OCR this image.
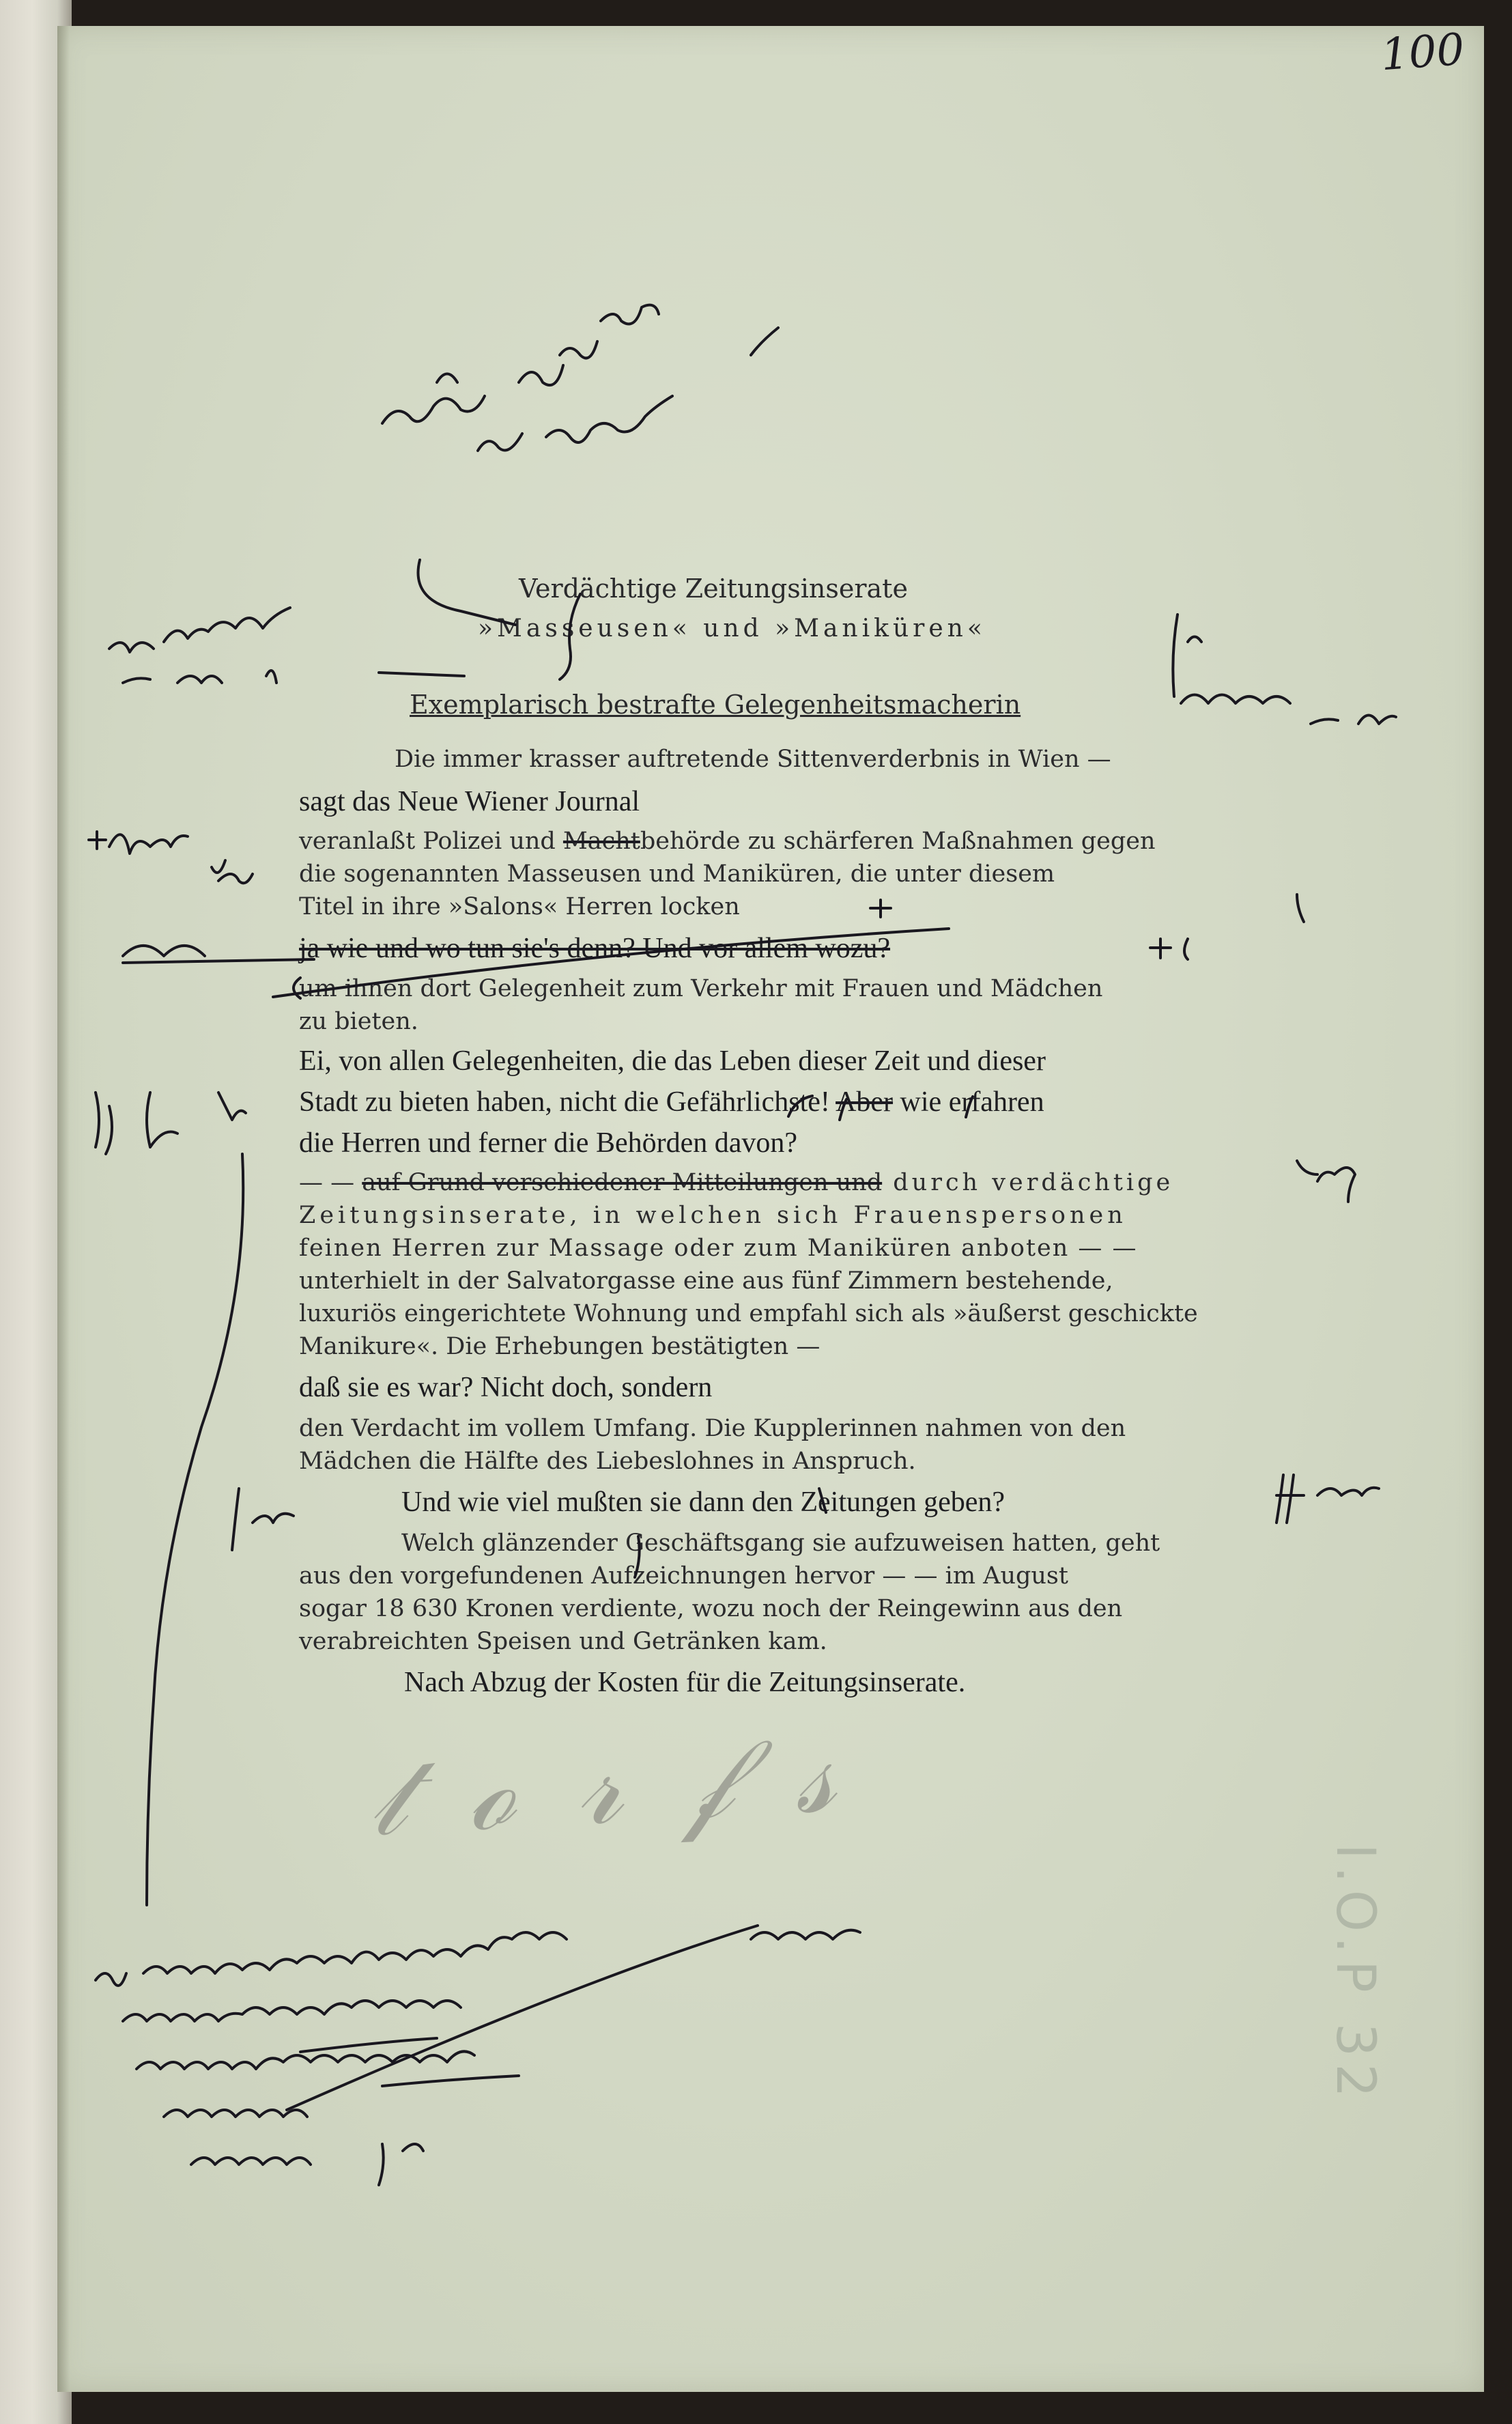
100
Verdächtige Zeitungsinserate
»Masseusen« und »Maniküren«
Exemplarisch bestrafte Gelegenheitsmacherin
Die immer krasser auftretende Sittenverderbnis in Wien —
sagt das Neue Wiener Journal
veranlaßt Polizei und Machtbehörde zu schärferen Maßnahmen gegen
die sogenannten Masseusen und Maniküren, die unter diesem
Titel in ihre »Salons« Herren locken
ja wie und wo tun sie's denn? Und vor allem wozu?
um ihnen dort Gelegenheit zum Verkehr mit Frauen und Mädchen
zu bieten.
Ei, von allen Gelegenheiten, die das Leben dieser Zeit und dieser
Stadt zu bieten haben, nicht die Gefährlichste! Aber wie erfahren
die Herren und ferner die Behörden davon?
— — auf Grund verschiedener Mitteilungen und durch verdächtige
Zeitungsinserate, in welchen sich Frauenspersonen
feinen Herren zur Massage oder zum Maniküren anboten — —
unterhielt in der Salvatorgasse eine aus fünf Zimmern bestehende,
luxuriös eingerichtete Wohnung und empfahl sich als »äußerst geschickte
Manikure«. Die Erhebungen bestätigten —
daß sie es war? Nicht doch, sondern
den Verdacht im vollem Umfang. Die Kupplerinnen nahmen von den
Mädchen die Hälfte des Liebeslohnes in Anspruch.
Und wie viel mußten sie dann den Zeitungen geben?
Welch glänzender Geschäftsgang sie aufzuweisen hatten, geht
aus den vorgefundenen Aufzeichnungen hervor — — im August
sogar 18 630 Kronen verdiente, wozu noch der Reingewinn aus den
verabreichten Speisen und Getränken kam.
Nach Abzug der Kosten für die Zeitungsinserate.
𝓉 ℴ 𝓇 𝒻 𝓈
I.O.P 32
